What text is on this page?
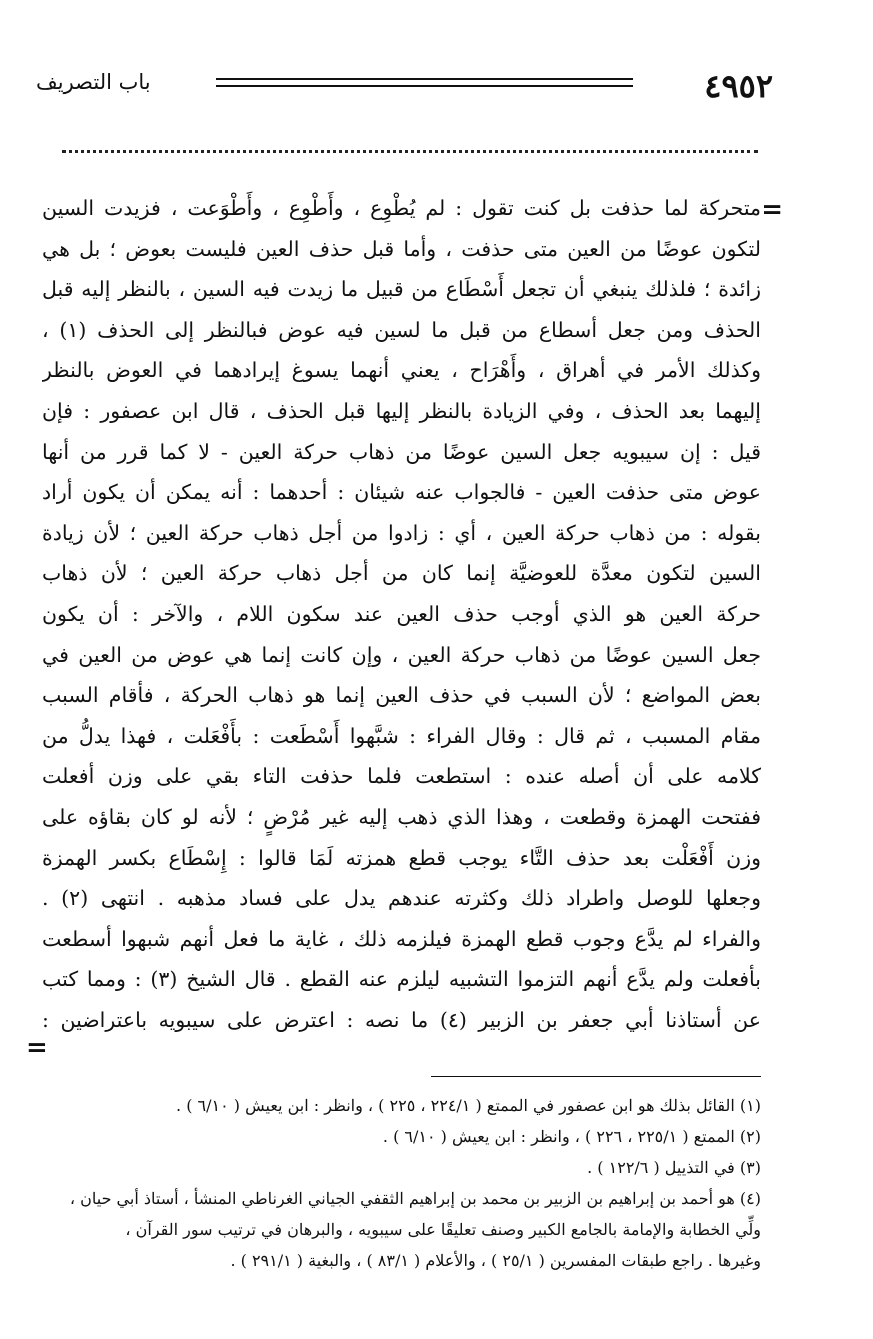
٤٩٥٢
باب التصريف
=
متحركة لما حذفت بل كنت تقول : لم يُطْوِع ، وأَطْوِع ، وأَطْوَعت ، فزيدت السين
لتكون عوضًا من العين متى حذفت ، وأما قبل حذف العين فليست بعوض ؛ بل هي
زائدة ؛ فلذلك ينبغي أن تجعل أَسْطَاع من قبيل ما زيدت فيه السين ، بالنظر إليه قبل
الحذف ومن جعل أسطاع من قبل ما لسين فيه عوض فبالنظر إلى الحذف (١) ،
وكذلك الأمر في أهراق ، وأَهْرَاح ، يعني أنهما يسوغ إيرادهما في العوض بالنظر
إليهما بعد الحذف ، وفي الزيادة بالنظر إليها قبل الحذف ، قال ابن عصفور : فإن
قيل : إن سيبويه جعل السين عوضًا من ذهاب حركة العين - لا كما قرر من أنها
عوض متى حذفت العين - فالجواب عنه شيئان : أحدهما : أنه يمكن أن يكون أراد
بقوله : من ذهاب حركة العين ، أي : زادوا من أجل ذهاب حركة العين ؛ لأن زيادة
السين لتكون معدَّة للعوضيَّة إنما كان من أجل ذهاب حركة العين ؛ لأن ذهاب
حركة العين هو الذي أوجب حذف العين عند سكون اللام ، والآخر : أن يكون
جعل السين عوضًا من ذهاب حركة العين ، وإن كانت إنما هي عوض من العين في
بعض المواضع ؛ لأن السبب في حذف العين إنما هو ذهاب الحركة ، فأقام السبب
مقام المسبب ، ثم قال : وقال الفراء : شبَّهوا أَسْطَعت : بأَفْعَلت ، فهذا يدلُّ من
كلامه على أن أصله عنده : استطعت فلما حذفت التاء بقي على وزن أفعلت
ففتحت الهمزة وقطعت ، وهذا الذي ذهب إليه غير مُرْضٍ ؛ لأنه لو كان بقاؤه على
وزن أَفْعَلْت بعد حذف التَّاء يوجب قطع همزته لَمَا قالوا : إِسْطَاع بكسر الهمزة
وجعلها للوصل واطراد ذلك وكثرته عندهم يدل على فساد مذهبه . انتهى (٢) .
والفراء لم يدَّع وجوب قطع الهمزة فيلزمه ذلك ، غاية ما فعل أنهم شبهوا أسطعت
بأفعلت ولم يدَّع أنهم التزموا التشبيه ليلزم عنه القطع . قال الشيخ (٣) : ومما كتب
عن أستاذنا أبي جعفر بن الزبير (٤) ما نصه : اعترض على سيبويه باعتراضين :
=
(١) القائل بذلك هو ابن عصفور في الممتع ( ٢٢٤/١ ، ٢٢٥ ) ، وانظر : ابن يعيش ( ٦/١٠ ) .
(٢) الممتع ( ٢٢٥/١ ، ٢٢٦ ) ، وانظر : ابن يعيش ( ٦/١٠ ) .
(٣) في التذييل ( ١٢٢/٦ ) .
(٤) هو أحمد بن إبراهيم بن الزبير بن محمد بن إبراهيم الثقفي الجياني الغرناطي المنشأ ، أستاذ أبي حيان ،
ولِّي الخطابة والإمامة بالجامع الكبير وصنف تعليقًا على سيبويه ، والبرهان في ترتيب سور القرآن ،
وغيرها . راجع طبقات المفسرين ( ٢٥/١ ) ، والأعلام ( ٨٣/١ ) ، والبغية ( ٢٩١/١ ) .
